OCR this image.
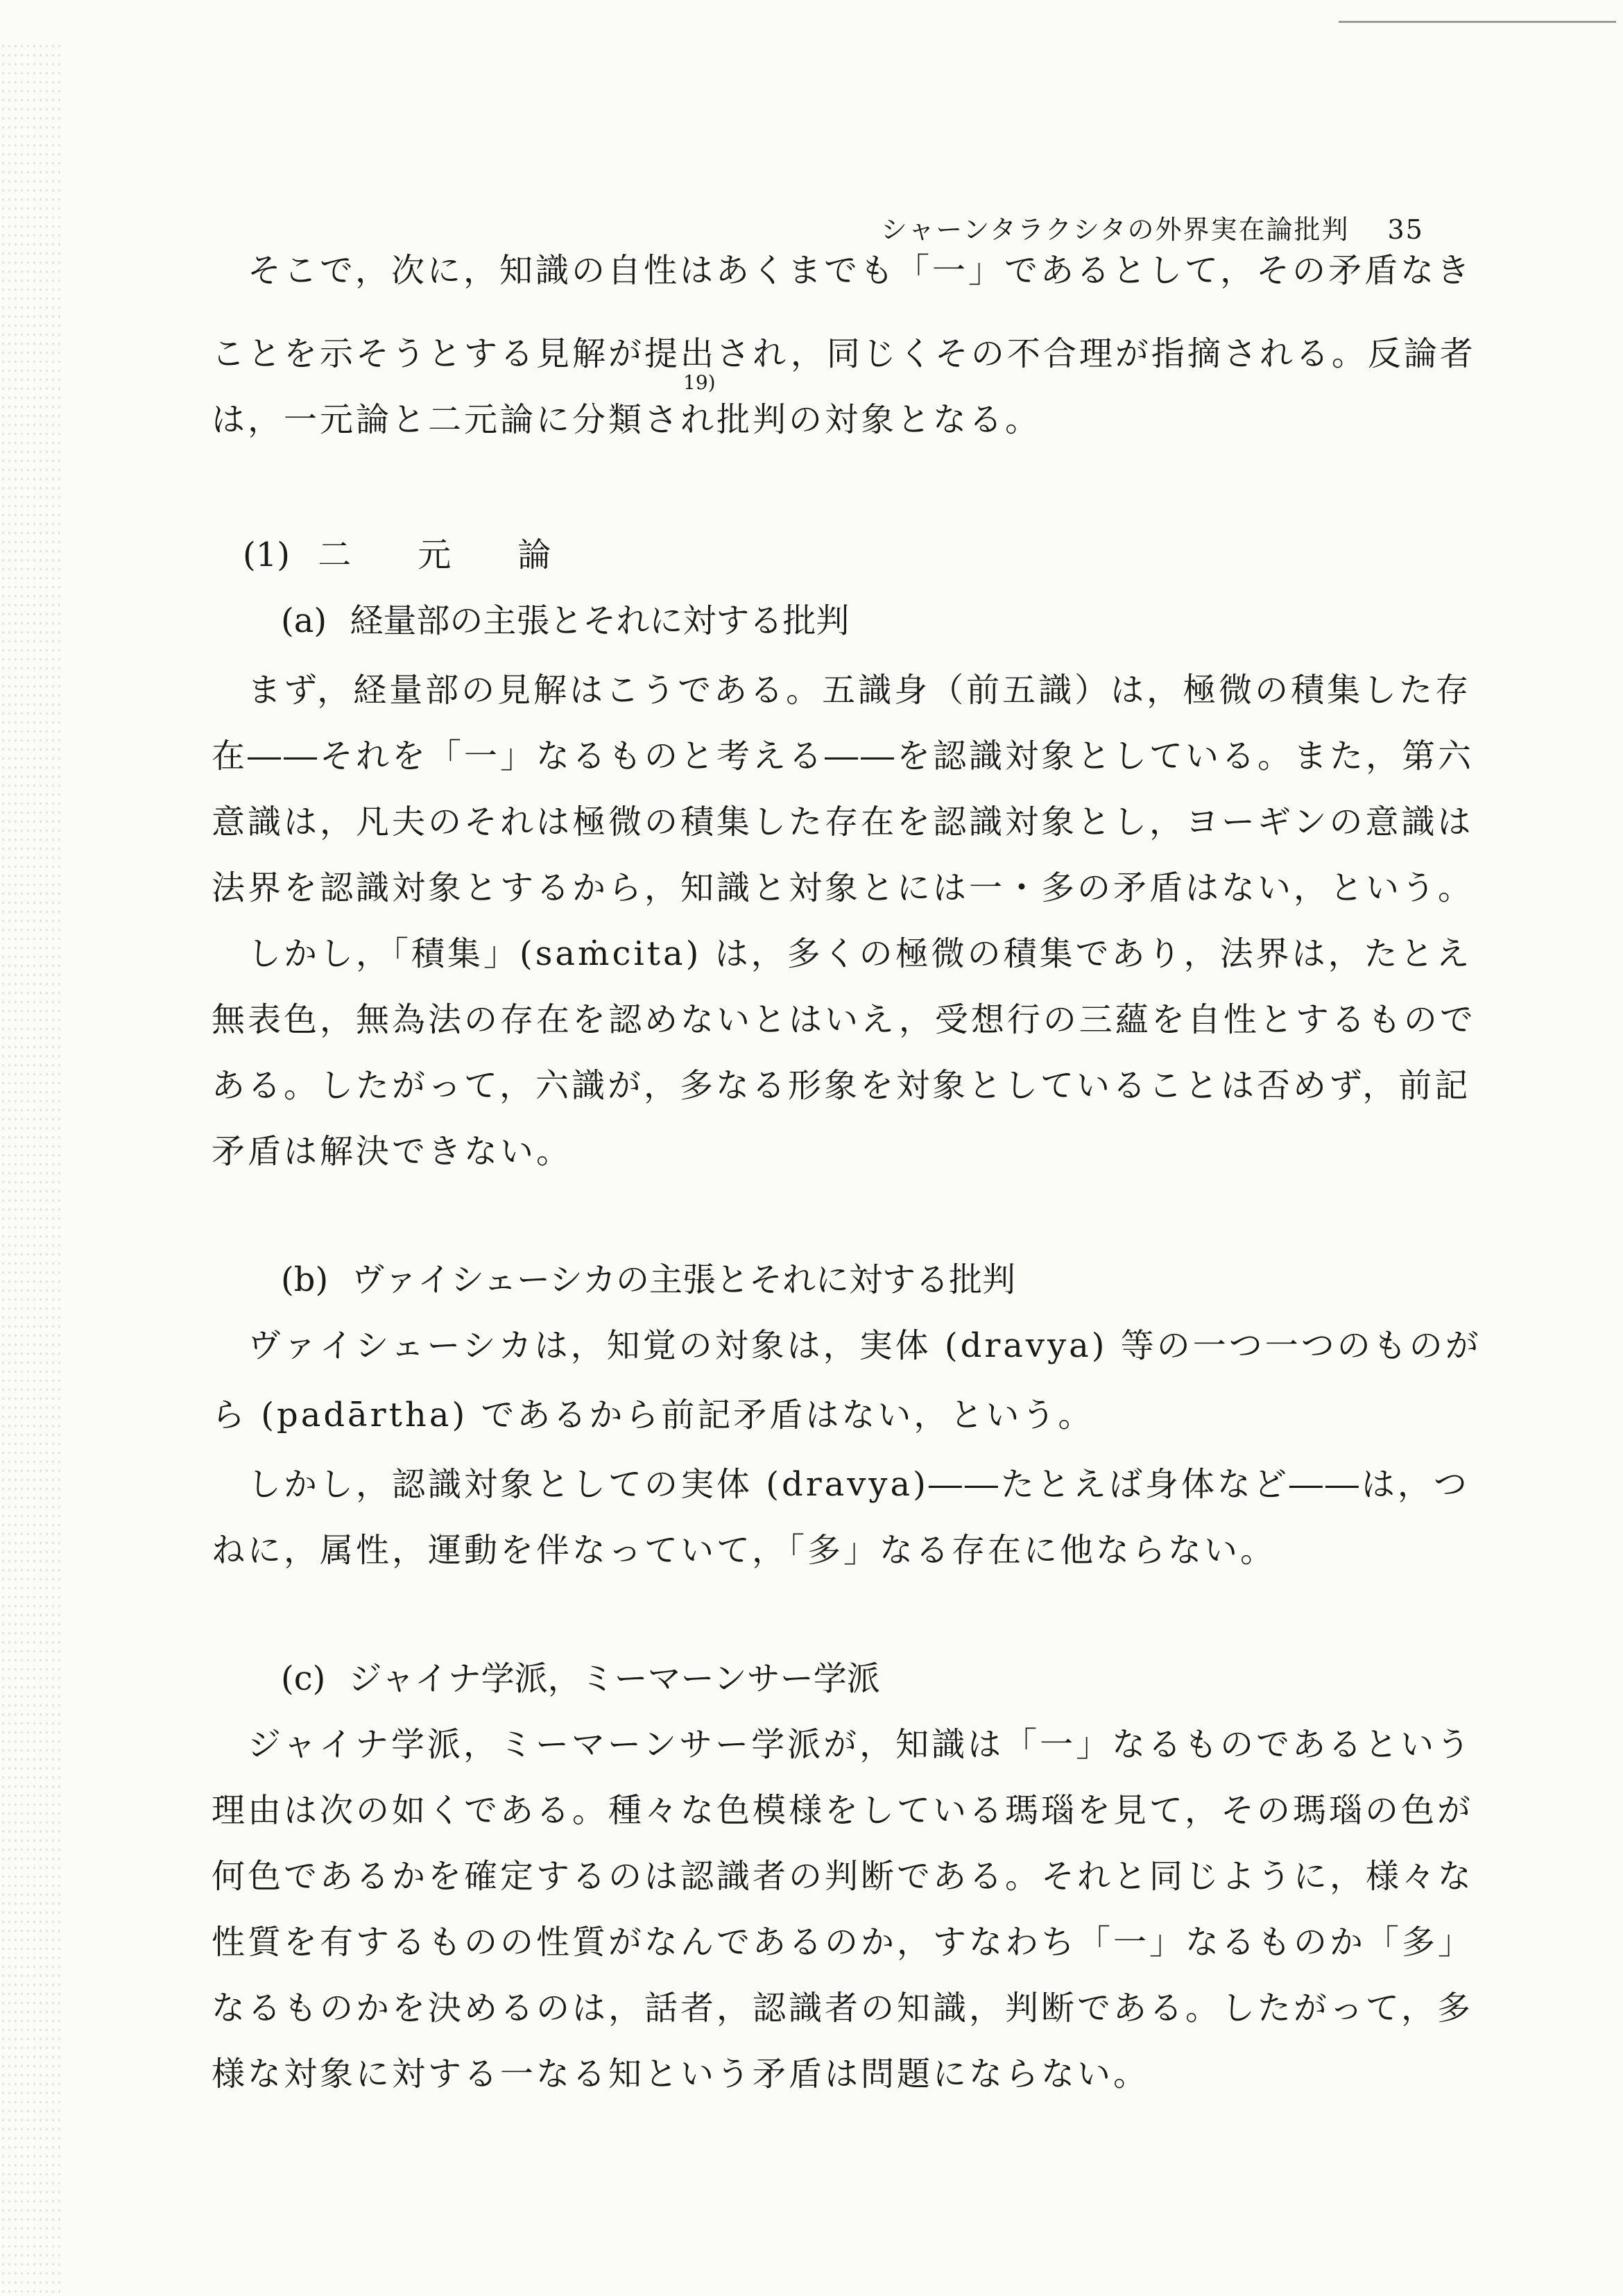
シャーンタラクシタの外界実在論批判 35
　そこで，次に，知識の自性はあくまでも「一」であるとして，その矛盾なき
ことを示そうとする見解が提出され，同じくその不合理が指摘される。反論者
19)
は，一元論と二元論に分類され批判の対象となる。
(1) 二　　元　　論
(a) 経量部の主張とそれに対する批判
　まず，経量部の見解はこうである。五識身（前五識）は，極微の積集した存
在――それを「一」なるものと考える――を認識対象としている。また，第六
意識は，凡夫のそれは極微の積集した存在を認識対象とし，ヨーギンの意識は
法界を認識対象とするから，知識と対象とには一・多の矛盾はない，という。
　しかし，「積集」(saṁcita) は，多くの極微の積集であり，法界は，たとえ
無表色，無為法の存在を認めないとはいえ，受想行の三蘊を自性とするもので
ある。したがって，六識が，多なる形象を対象としていることは否めず，前記
矛盾は解決できない。
(b) ヴァイシェーシカの主張とそれに対する批判
　ヴァイシェーシカは，知覚の対象は，実体 (dravya) 等の一つ一つのものが
ら (padārtha) であるから前記矛盾はない，という。
　しかし，認識対象としての実体 (dravya)――たとえば身体など――は，つ
ねに，属性，運動を伴なっていて，「多」なる存在に他ならない。
(c) ジャイナ学派，ミーマーンサー学派
　ジャイナ学派，ミーマーンサー学派が，知識は「一」なるものであるという
理由は次の如くである。種々な色模様をしている瑪瑙を見て，その瑪瑙の色が
何色であるかを確定するのは認識者の判断である。それと同じように，様々な
性質を有するものの性質がなんであるのか，すなわち「一」なるものか「多」
なるものかを決めるのは，話者，認識者の知識，判断である。したがって，多
様な対象に対する一なる知という矛盾は問題にならない。
